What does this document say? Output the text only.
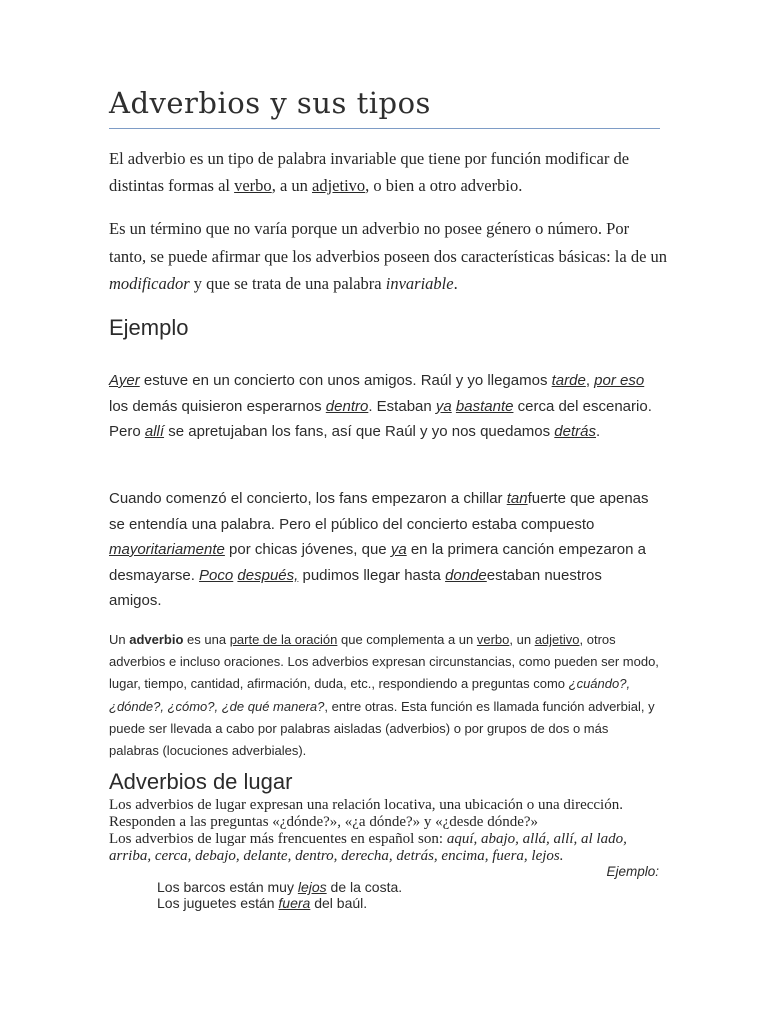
Adverbios y sus tipos

El adverbio es un tipo de palabra invariable que tiene por función modificar de distintas formas al verbo, a un adjetivo, o bien a otro adverbio.

Es un término que no varía porque un adverbio no posee género o número. Por tanto, se puede afirmar que los adverbios poseen dos características básicas: la de un modificador y que se trata de una palabra invariable.

Ejemplo

Ayer estuve en un concierto con unos amigos. Raúl y yo llegamos tarde, por eso los demás quisieron esperarnos dentro. Estaban ya bastante cerca del escenario. Pero allí se apretujaban los fans, así que Raúl y yo nos quedamos detrás.

Cuando comenzó el concierto, los fans empezaron a chillar tanfuerte que apenas se entendía una palabra. Pero el público del concierto estaba compuesto mayoritariamente por chicas jóvenes, que ya en la primera canción empezaron a desmayarse. Poco después, pudimos llegar hasta dondeestaban nuestros amigos.

Un adverbio es una parte de la oración que complementa a un verbo, un adjetivo, otros adverbios e incluso oraciones. Los adverbios expresan circunstancias, como pueden ser modo, lugar, tiempo, cantidad, afirmación, duda, etc., respondiendo a preguntas como ¿cuándo?, ¿dónde?, ¿cómo?, ¿de qué manera?, entre otras. Esta función es llamada función adverbial, y puede ser llevada a cabo por palabras aisladas (adverbios) o por grupos de dos o más palabras (locuciones adverbiales).

Adverbios de lugar

Los adverbios de lugar expresan una relación locativa, una ubicación o una dirección. Responden a las preguntas «¿dónde?», «¿a dónde?» y «¿desde dónde?»
Los adverbios de lugar más frencuentes en español son: aquí, abajo, allá, allí, al lado, arriba, cerca, debajo, delante, dentro, derecha, detrás, encima, fuera, lejos.

Ejemplo:
Los barcos están muy lejos de la costa.
Los juguetes están fuera del baúl.
